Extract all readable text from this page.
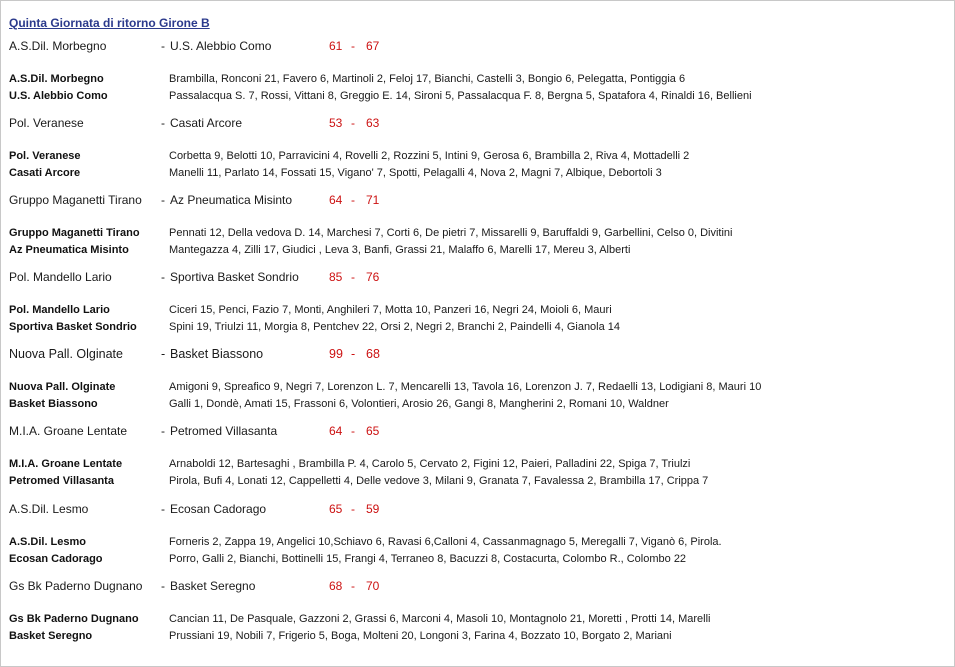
Quinta Giornata di ritorno Girone B
A.S.Dil. Morbegno	- U.S. Alebbio Como	61 - 67
A.S.Dil. Morbegno	Brambilla, Ronconi 21, Favero 6, Martinoli 2, Feloj 17, Bianchi, Castelli 3, Bongio 6, Pelegatta, Pontiggia 6
U.S. Alebbio Como	Passalacqua S. 7, Rossi, Vittani 8, Greggio E. 14, Sironi 5, Passalacqua F. 8, Bergna 5, Spatafora 4, Rinaldi 16, Bellieni
Pol. Veranese	- Casati Arcore	53 - 63
Pol. Veranese	Corbetta 9, Belotti 10, Parravicini 4, Rovelli 2, Rozzini 5, Intini 9, Gerosa 6, Brambilla 2, Riva 4, Mottadelli 2
Casati Arcore	Manelli 11, Parlato 14, Fossati 15, Vigano' 7, Spotti, Pelagalli 4, Nova 2, Magni 7, Albique, Debortoli 3
Gruppo Maganetti Tirano - Az Pneumatica Misinto	64 - 71
Gruppo Maganetti Tirano	Pennati 12, Della vedova D. 14, Marchesi 7, Corti 6, De pietri 7, Missarelli 9, Baruffaldi 9, Garbellini, Celso 0, Divitini
Az Pneumatica Misinto	Mantegazza 4, Zilli 17, Giudici , Leva 3, Banfi, Grassi 21, Malaffo 6, Marelli 17, Mereu 3, Alberti
Pol. Mandello Lario	- Sportiva Basket Sondrio	85 - 76
Pol. Mandello Lario	Ciceri 15, Penci, Fazio 7, Monti, Anghileri 7, Motta 10, Panzeri 16, Negri 24, Moioli 6, Mauri
Sportiva Basket Sondrio	Spini 19, Triulzi 11, Morgia 8, Pentchev 22, Orsi 2, Negri 2, Branchi 2, Paindelli 4, Gianola 14
Nuova Pall. Olginate	- Basket Biassono	99 - 68
Nuova Pall. Olginate	Amigoni 9, Spreafico 9, Negri 7, Lorenzon L. 7, Mencarelli 13, Tavola 16, Lorenzon J. 7, Redaelli 13, Lodigiani 8, Mauri 10
Basket Biassono	Galli 1, Dondè, Amati 15, Frassoni 6, Volontieri, Arosio 26, Gangi 8, Mangherini 2, Romani 10, Waldner
M.I.A. Groane Lentate	- Petromed Villasanta	64 - 65
M.I.A. Groane Lentate	Arnaboldi 12, Bartesaghi , Brambilla P. 4, Carolo 5, Cervato 2, Figini 12, Paieri, Palladini 22, Spiga 7, Triulzi
Petromed Villasanta	Pirola, Bufi 4, Lonati 12, Cappelletti 4, Delle vedove 3, Milani 9, Granata 7, Favalessa 2, Brambilla 17, Crippa 7
A.S.Dil. Lesmo	- Ecosan Cadorago	65 - 59
A.S.Dil. Lesmo	Forneris 2, Zappa 19, Angelici 10,Schiavo 6, Ravasi 6,Calloni 4, Cassanmagnago 5, Meregalli 7, Viganò 6, Pirola.
Ecosan Cadorago	Porro, Galli 2, Bianchi, Bottinelli 15, Frangi 4, Terraneo 8, Bacuzzi 8, Costacurta, Colombo R., Colombo 22
Gs Bk Paderno Dugnano - Basket Seregno	68 - 70
Gs Bk Paderno Dugnano	Cancian 11, De Pasquale, Gazzoni 2, Grassi 6, Marconi 4, Masoli 10, Montagnolo 21, Moretti , Protti 14, Marelli
Basket Seregno	Prussiani 19, Nobili 7, Frigerio 5, Boga, Molteni 20, Longoni 3, Farina 4, Bozzato 10, Borgato 2, Mariani
